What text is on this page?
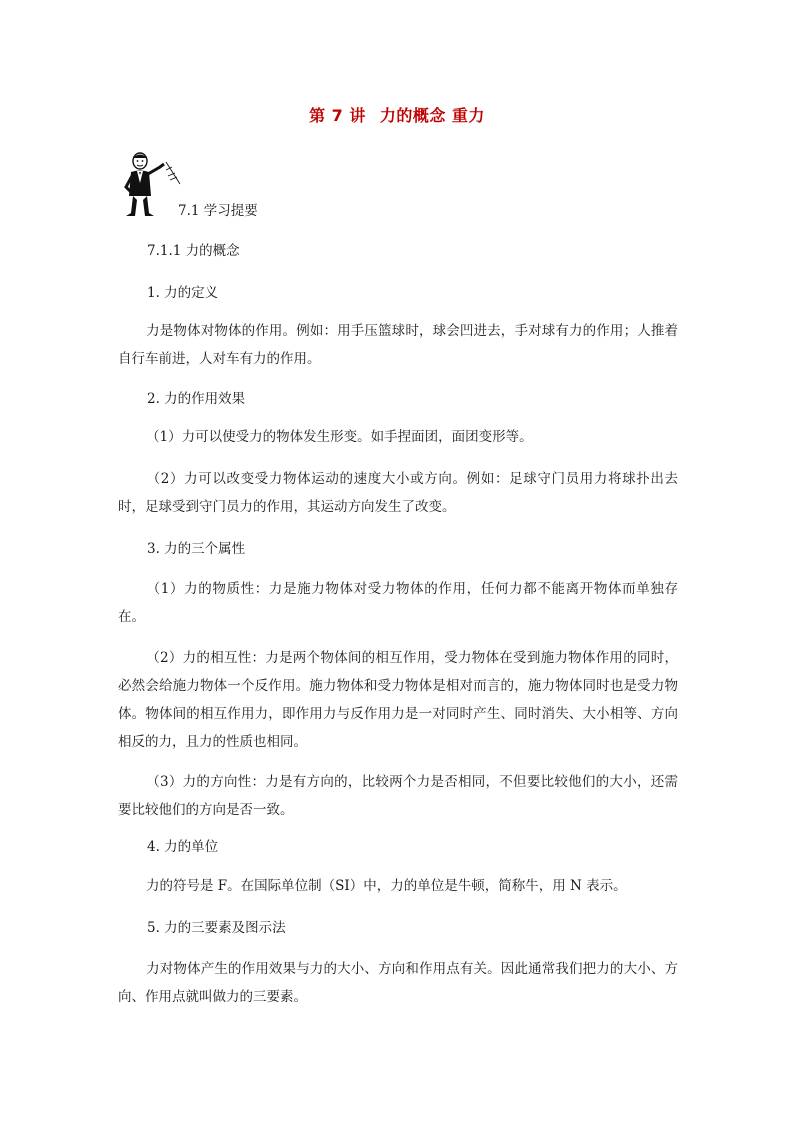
第 7 讲 力的概念 重力
7.1 学习提要
7.1.1 力的概念
1. 力的定义
力是物体对物体的作用。例如：用手压篮球时，球会凹进去，手对球有力的作用；人推着自行车前进，人对车有力的作用。
2. 力的作用效果
（1）力可以使受力的物体发生形变。如手捏面团，面团变形等。
（2）力可以改变受力物体运动的速度大小或方向。例如：足球守门员用力将球扑出去时，足球受到守门员力的作用，其运动方向发生了改变。
3. 力的三个属性
（1）力的物质性：力是施力物体对受力物体的作用，任何力都不能离开物体而单独存在。
（2）力的相互性：力是两个物体间的相互作用，受力物体在受到施力物体作用的同时，必然会给施力物体一个反作用。施力物体和受力物体是相对而言的，施力物体同时也是受力物体。物体间的相互作用力，即作用力与反作用力是一对同时产生、同时消失、大小相等、方向相反的力，且力的性质也相同。
（3）力的方向性：力是有方向的，比较两个力是否相同，不但要比较他们的大小，还需要比较他们的方向是否一致。
4. 力的单位
力的符号是 F。在国际单位制（SI）中，力的单位是牛顿，简称牛，用 N 表示。
5. 力的三要素及图示法
力对物体产生的作用效果与力的大小、方向和作用点有关。因此通常我们把力的大小、方向、作用点就叫做力的三要素。
